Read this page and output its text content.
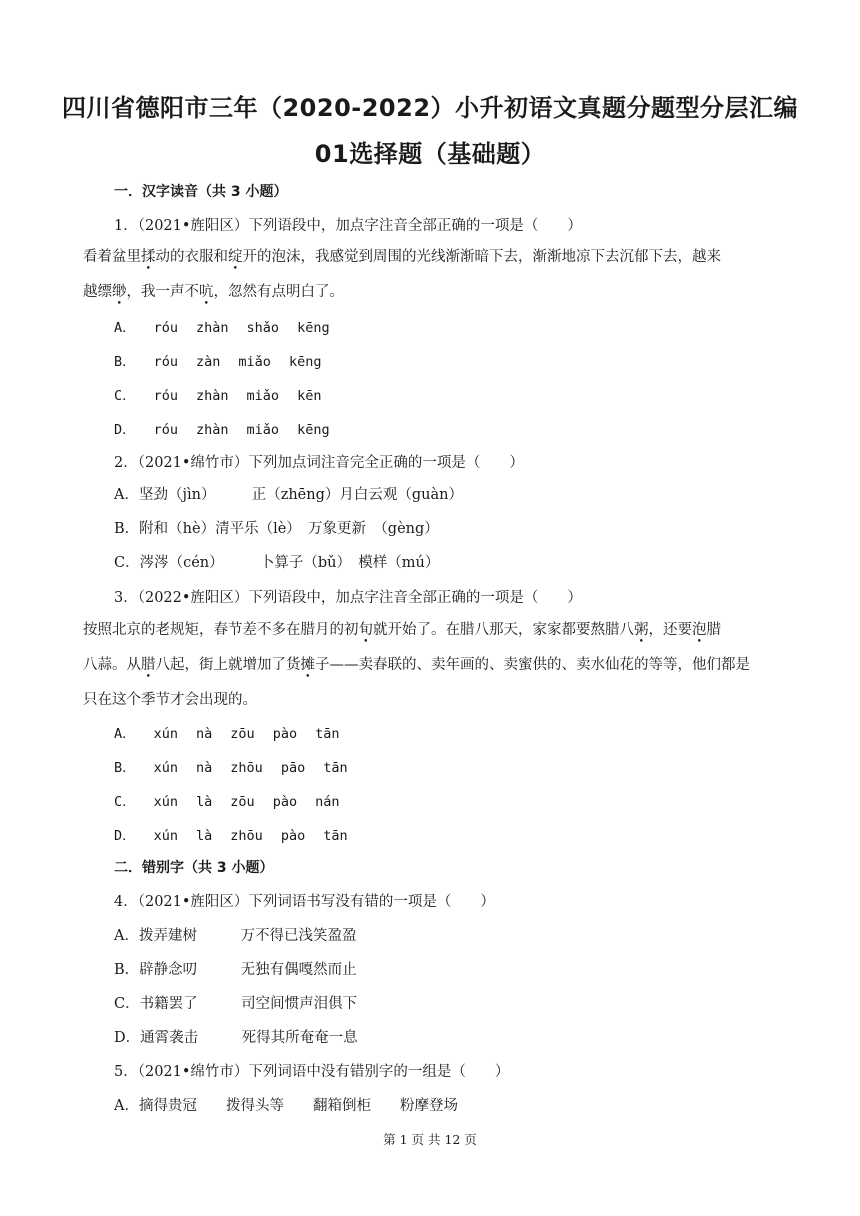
四川省德阳市三年（2020-2022）小升初语文真题分题型分层汇编
01选择题（基础题）
一．汉字读音（共 3 小题）
1．（2021•旌阳区）下列语段中，加点字注音全部正确的一项是（　　）
看着盆里揉动的衣服和绽开的泡沫，我感觉到周围的光线渐渐暗下去，渐渐地凉下去沉郁下去，越来
越缥缈，我一声不吭，忽然有点明白了。
A． róu zhàn shǎo kēng
B． róu zàn miǎo kēng
C． róu zhàn miǎo kēn
D． róu zhàn miǎo kēng
2．（2021•绵竹市）下列加点词注音完全正确的一项是（　　）
A．坚劲（jìn）　　　正（zhēng）月白云观（guàn）
B．附和（hè）清平乐（lè）　万象更新　（gèng）
C．涔涔（cén）　　　卜算子（bǔ）　模样（mú）
3．（2022•旌阳区）下列语段中，加点字注音全部正确的一项是（　　）
按照北京的老规矩，春节差不多在腊月的初旬就开始了。在腊八那天，家家都要熬腊八粥，还要泡腊
八蒜。从腊八起，街上就增加了货摊子——卖春联的、卖年画的、卖蜜供的、卖水仙花的等等，他们都是
只在这个季节才会出现的。
A． xún nà zōu pào tān
B． xún nà zhōu pāo tān
C． xún là zōu pào nán
D． xún là zhōu pào tān
二．错别字（共 3 小题）
4．（2021•旌阳区）下列词语书写没有错的一项是（　　）
A．拨弄建树　　　万不得已浅笑盈盈
B．辟静念叨　　　无独有偶嘎然而止
C．书籍罢了　　　司空间惯声泪俱下
D．通霄袭击　　　死得其所奄奄一息
5．（2021•绵竹市）下列词语中没有错别字的一组是（　　）
A．摘得贵冠　　拨得头等　　翻箱倒柜　　粉摩登场
第 1 页 共 12 页
